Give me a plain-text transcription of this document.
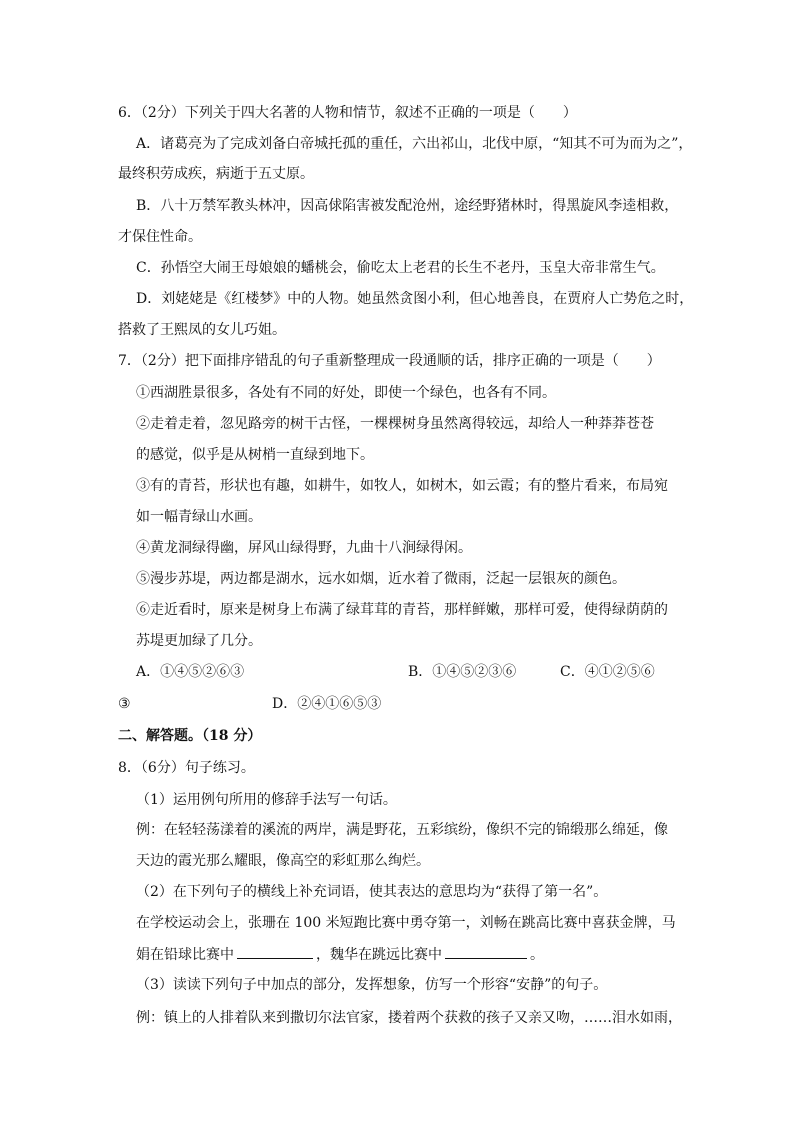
6．（2分）下列关于四大名著的人物和情节，叙述不正确的一项是（　　）
A．诸葛亮为了完成刘备白帝城托孤的重任，六出祁山，北伐中原，“知其不可为而为之”，
最终积劳成疾，病逝于五丈原。
B．八十万禁军教头林冲，因高俅陷害被发配沧州，途经野猪林时，得黑旋风李逵相救，
才保住性命。
C．孙悟空大闹王母娘娘的蟠桃会，偷吃太上老君的长生不老丹，玉皇大帝非常生气。
D．刘姥姥是《红楼梦》中的人物。她虽然贪图小利，但心地善良，在贾府人亡势危之时，
搭救了王熙凤的女儿巧姐。
7．（2分）把下面排序错乱的句子重新整理成一段通顺的话，排序正确的一项是（　　）
①西湖胜景很多，各处有不同的好处，即使一个绿色，也各有不同。
②走着走着，忽见路旁的树干古怪，一棵棵树身虽然离得较远，却给人一种莽莽苍苍
的感觉，似乎是从树梢一直绿到地下。
③有的青苔，形状也有趣，如耕牛，如牧人，如树木，如云霞；有的整片看来，布局宛
如一幅青绿山水画。
④黄龙洞绿得幽，屏风山绿得野，九曲十八涧绿得闲。
⑤漫步苏堤，两边都是湖水，远水如烟，近水着了微雨，泛起一层银灰的颜色。
⑥走近看时，原来是树身上布满了绿茸茸的青苔，那样鲜嫩，那样可爱，使得绿荫荫的
苏堤更加绿了几分。
A．①④⑤②⑥③	B．①④⑤②③⑥	C．④①②⑤⑥
③	D．②④①⑥⑤③
二、解答题。（18 分）
8．（6分）句子练习。
（1）运用例句所用的修辞手法写一句话。
例：在轻轻荡漾着的溪流的两岸，满是野花，五彩缤纷，像织不完的锦缎那么绵延，像
天边的霞光那么耀眼，像高空的彩虹那么绚烂。
（2）在下列句子的横线上补充词语，使其表达的意思均为“获得了第一名”。
在学校运动会上，张珊在 100 米短跑比赛中勇夺第一，刘畅在跳高比赛中喜获金牌，马
娟在铅球比赛中	，魏华在跳远比赛中	。
（3）读读下列句子中加点的部分，发挥想象，仿写一个形容“安静”的句子。
例：镇上的人排着队来到撒切尔法官家，搂着两个获救的孩子又亲又吻，……泪水如雨，
